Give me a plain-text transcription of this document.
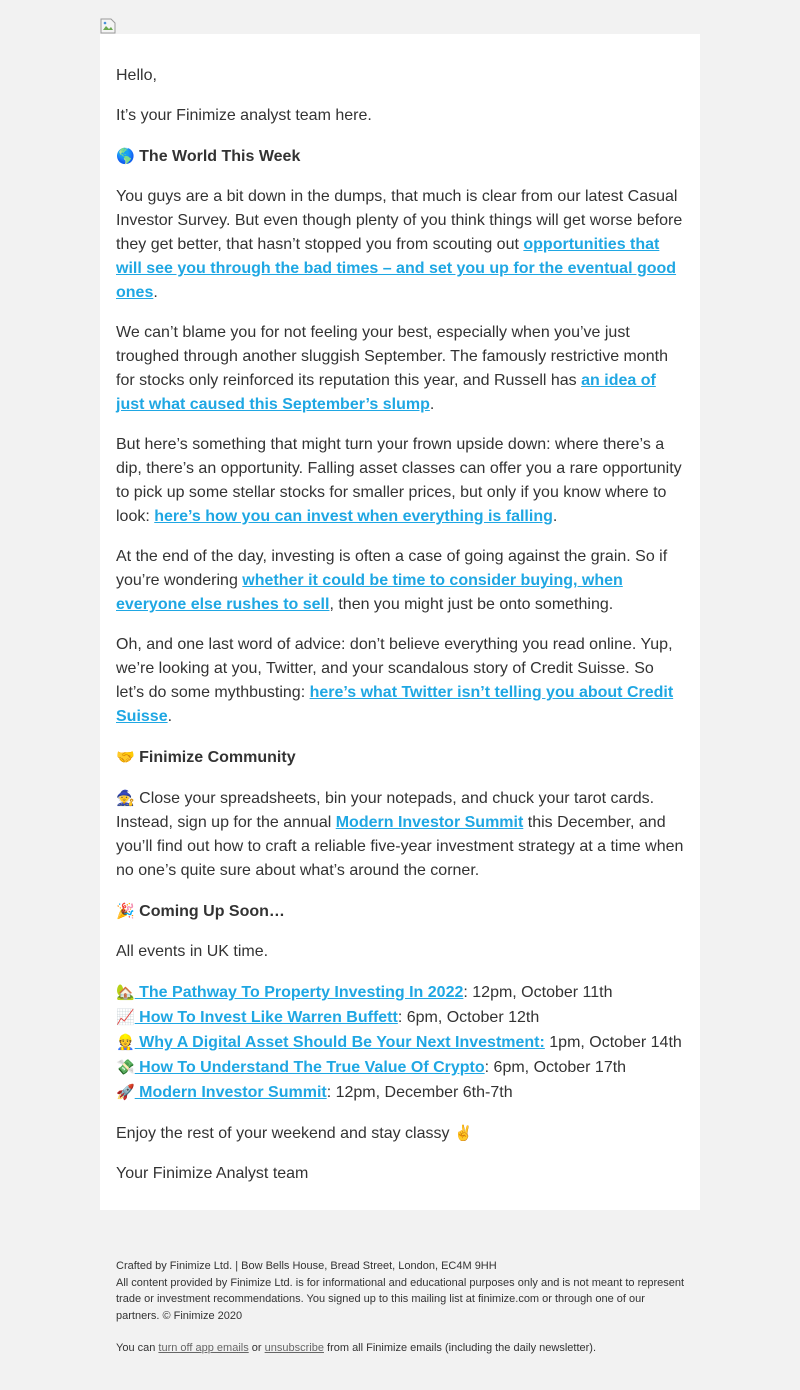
Hello,

It’s your Finimize analyst team here.

🌎 The World This Week

You guys are a bit down in the dumps, that much is clear from our latest Casual Investor Survey. But even though plenty of you think things will get worse before they get better, that hasn’t stopped you from scouting out opportunities that will see you through the bad times – and set you up for the eventual good ones.

We can’t blame you for not feeling your best, especially when you’ve just troughed through another sluggish September. The famously restrictive month for stocks only reinforced its reputation this year, and Russell has an idea of just what caused this September’s slump.

But here’s something that might turn your frown upside down: where there’s a dip, there’s an opportunity. Falling asset classes can offer you a rare opportunity to pick up some stellar stocks for smaller prices, but only if you know where to look: here’s how you can invest when everything is falling.

At the end of the day, investing is often a case of going against the grain. So if you’re wondering whether it could be time to consider buying, when everyone else rushes to sell, then you might just be onto something.

Oh, and one last word of advice: don’t believe everything you read online. Yup, we’re looking at you, Twitter, and your scandalous story of Credit Suisse. So let’s do some mythbusting: here’s what Twitter isn’t telling you about Credit Suisse.

🤝 Finimize Community

🧙 Close your spreadsheets, bin your notepads, and chuck your tarot cards. Instead, sign up for the annual Modern Investor Summit this December, and you’ll find out how to craft a reliable five-year investment strategy at a time when no one’s quite sure about what’s around the corner.

🎉 Coming Up Soon…

All events in UK time.

🏡 The Pathway To Property Investing In 2022: 12pm, October 11th

📈 How To Invest Like Warren Buffett: 6pm, October 12th

👷 Why A Digital Asset Should Be Your Next Investment: 1pm, October 14th

💸 How To Understand The True Value Of Crypto: 6pm, October 17th

🚀 Modern Investor Summit: 12pm, December 6th-7th

Enjoy the rest of your weekend and stay classy ✌️

Your Finimize Analyst team

Crafted by Finimize Ltd. | Bow Bells House, Bread Street, London, EC4M 9HH

All content provided by Finimize Ltd. is for informational and educational purposes only and is not meant to represent trade or investment recommendations. You signed up to this mailing list at finimize.com or through one of our partners. © Finimize 2020

You can turn off app emails or unsubscribe from all Finimize emails (including the daily newsletter).
